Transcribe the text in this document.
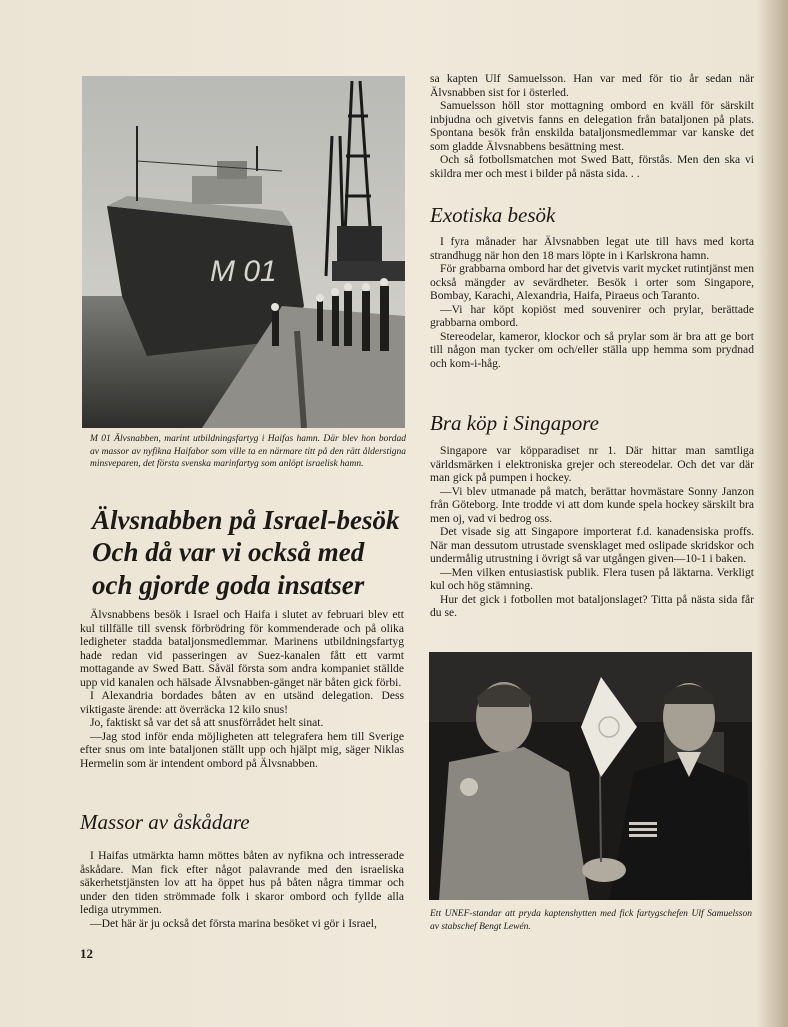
M 01

M 01 Älvsnabben, marint utbildningsfartyg i Haifas hamn. Där blev hon bordad av massor av nyfikna Haifabor som ville ta en närmare titt på den rätt ålderstigna minsveparen, det första svenska marinfartyg som anlöpt israelisk hamn.

Älvsnabben på Israel-besök
Och då var vi också med
och gjorde goda insatser

Älvsnabbens besök i Israel och Haifa i slutet av februari blev ett kul tillfälle till svensk förbrödring för kommenderade och på olika ledigheter stadda bataljonsmedlemmar. Marinens utbildningsfartyg hade redan vid passeringen av Suez-kanalen fått ett varmt mottagande av Swed Batt. Såväl första som andra kompaniet ställde upp vid kanalen och hälsade Älvsnabben-gänget när båten gick förbi.

I Alexandria bordades båten av en utsänd delegation. Dess viktigaste ärende: att överräcka 12 kilo snus!

Jo, faktiskt så var det så att snusförrådet helt sinat.

—Jag stod inför enda möjligheten att telegrafera hem till Sverige efter snus om inte bataljonen ställt upp och hjälpt mig, säger Niklas Hermelin som är intendent ombord på Älvsnabben.

Massor av åskådare

I Haifas utmärkta hamn möttes båten av nyfikna och intresserade åskådare. Man fick efter något palavrande med den israeliska säkerhetstjänsten lov att ha öppet hus på båten några timmar och under den tiden strömmade folk i skaror ombord och fyllde alla lediga utrymmen.

—Det här är ju också det första marina besöket vi gör i Israel,

12

sa kapten Ulf Samuelsson. Han var med för tio år sedan när Älvsnabben sist for i österled.

Samuelsson höll stor mottagning ombord en kväll för särskilt inbjudna och givetvis fanns en delegation från bataljonen på plats. Spontana besök från enskilda bataljonsmedlemmar var kanske det som gladde Älvsnabbens besättning mest.

Och så fotbollsmatchen mot Swed Batt, förstås. Men den ska vi skildra mer och mest i bilder på nästa sida. . .

Exotiska besök

I fyra månader har Älvsnabben legat ute till havs med korta strandhugg när hon den 18 mars löpte in i Karlskrona hamn.

För grabbarna ombord har det givetvis varit mycket rutintjänst men också mängder av sevärdheter. Besök i orter som Singapore, Bombay, Karachi, Alexandria, Haifa, Piraeus och Taranto.

—Vi har köpt kopiöst med souvenirer och prylar, berättade grabbarna ombord.

Stereodelar, kameror, klockor och så prylar som är bra att ge bort till någon man tycker om och/eller ställa upp hemma som prydnad och kom-i-håg.

Bra köp i Singapore

Singapore var köpparadiset nr 1. Där hittar man samtliga världsmärken i elektroniska grejer och stereodelar. Och det var där man gick på pumpen i hockey.

—Vi blev utmanade på match, berättar hovmästare Sonny Janzon från Göteborg. Inte trodde vi att dom kunde spela hockey särskilt bra men oj, vad vi bedrog oss.

Det visade sig att Singapore importerat f.d. kanadensiska proffs. När man dessutom utrustade svensklaget med oslipade skridskor och undermålig utrustning i övrigt så var utgången given—10-1 i baken.

—Men vilken entusiastisk publik. Flera tusen på läktarna. Verkligt kul och hög stämning.

Hur det gick i fotbollen mot bataljonslaget? Titta på nästa sida får du se.

Ett UNEF-standar att pryda kaptenshytten med fick fartygschefen Ulf Samuelsson av stabschef Bengt Lewén.
